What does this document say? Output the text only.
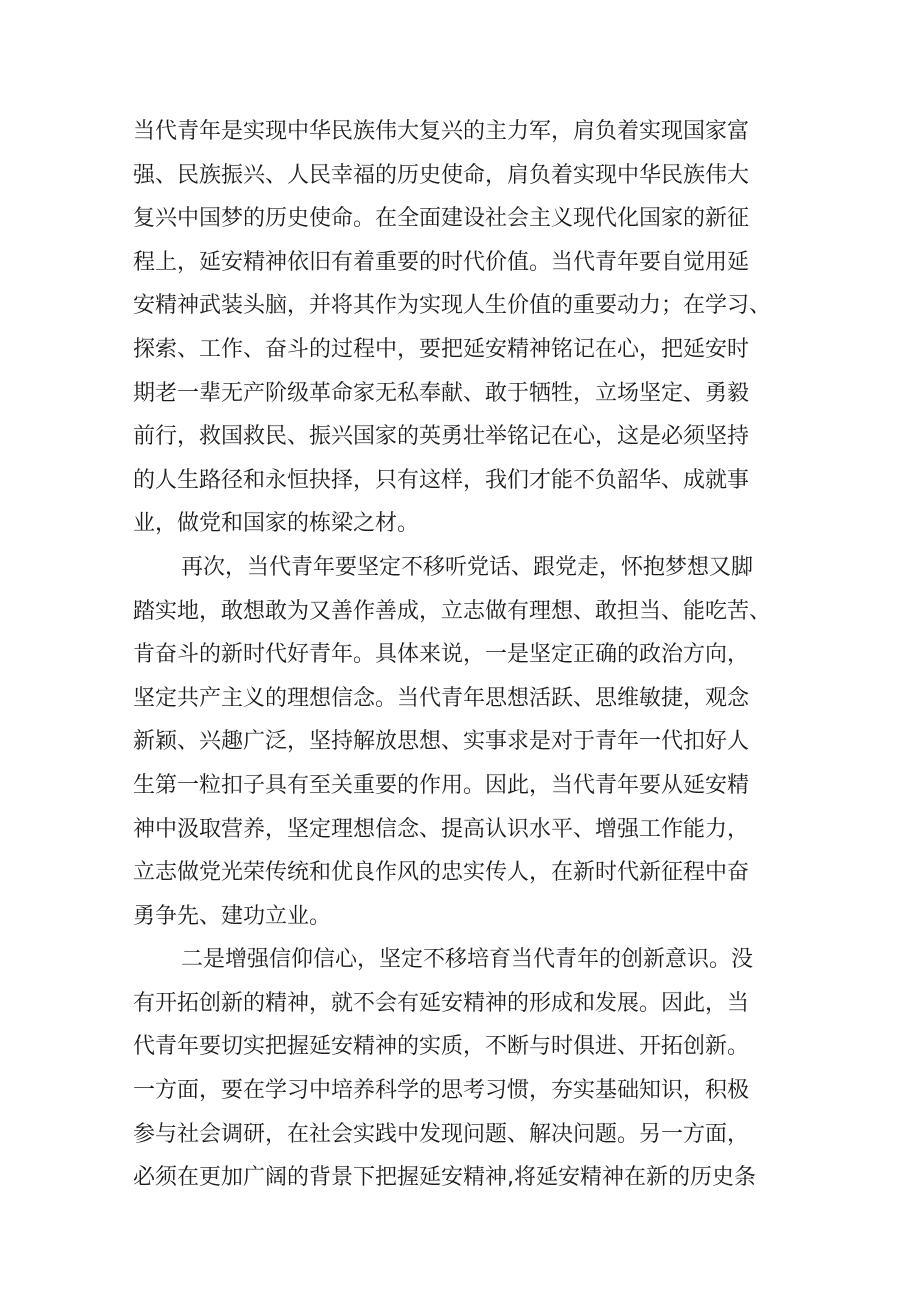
当代青年是实现中华民族伟大复兴的主力军，肩负着实现国家富
强、民族振兴、人民幸福的历史使命，肩负着实现中华民族伟大
复兴中国梦的历史使命。在全面建设社会主义现代化国家的新征
程上，延安精神依旧有着重要的时代价值。当代青年要自觉用延
安精神武装头脑，并将其作为实现人生价值的重要动力；在学习、
探索、工作、奋斗的过程中，要把延安精神铭记在心，把延安时
期老一辈无产阶级革命家无私奉献、敢于牺牲，立场坚定、勇毅
前行，救国救民、振兴国家的英勇壮举铭记在心，这是必须坚持
的人生路径和永恒抉择，只有这样，我们才能不负韶华、成就事
业，做党和国家的栋梁之材。
再次，当代青年要坚定不移听党话、跟党走，怀抱梦想又脚
踏实地，敢想敢为又善作善成，立志做有理想、敢担当、能吃苦、
肯奋斗的新时代好青年。具体来说，一是坚定正确的政治方向，
坚定共产主义的理想信念。当代青年思想活跃、思维敏捷，观念
新颖、兴趣广泛，坚持解放思想、实事求是对于青年一代扣好人
生第一粒扣子具有至关重要的作用。因此，当代青年要从延安精
神中汲取营养，坚定理想信念、提高认识水平、增强工作能力，
立志做党光荣传统和优良作风的忠实传人，在新时代新征程中奋
勇争先、建功立业。
二是增强信仰信心，坚定不移培育当代青年的创新意识。没
有开拓创新的精神，就不会有延安精神的形成和发展。因此，当
代青年要切实把握延安精神的实质，不断与时俱进、开拓创新。
一方面，要在学习中培养科学的思考习惯，夯实基础知识，积极
参与社会调研，在社会实践中发现问题、解决问题。另一方面，
必须在更加广阔的背景下把握延安精神,将延安精神在新的历史条
